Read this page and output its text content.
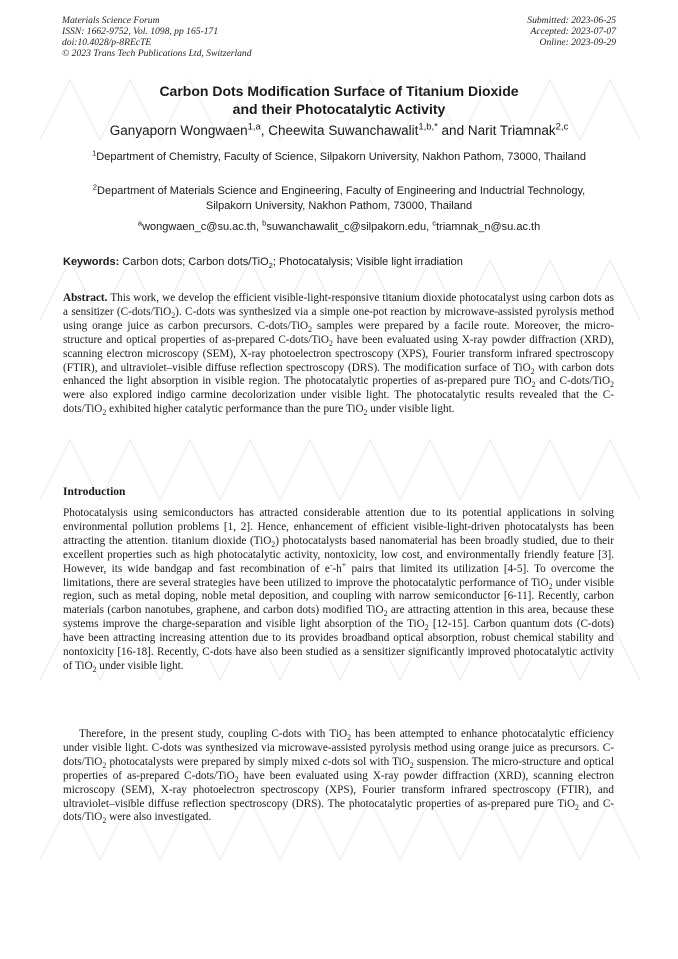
Materials Science Forum
ISSN: 1662-9752, Vol. 1098, pp 165-171
doi:10.4028/p-8REcTE
© 2023 Trans Tech Publications Ltd, Switzerland
Submitted: 2023-06-25
Accepted: 2023-07-07
Online: 2023-09-29
Carbon Dots Modification Surface of Titanium Dioxide
and their Photocatalytic Activity
Ganyaporn Wongwaen$^{1,a}$, Cheewita Suwanchawalit$^{1,b,*}$ and Narit Triamnak$^{2,c}$
$^1$Department of Chemistry, Faculty of Science, Silpakorn University, Nakhon Pathom, 73000, Thailand
$^2$Department of Materials Science and Engineering, Faculty of Engineering and Inductrial Technology, Silpakorn University, Nakhon Pathom, 73000, Thailand
$^a$wongwaen_c@su.ac.th, $^b$suwanchawalit_c@silpakorn.edu, $^c$triamnak_n@su.ac.th
Keywords: Carbon dots; Carbon dots/TiO$_2$; Photocatalysis; Visible light irradiation

Abstract. This work, we develop the efficient visible-light-responsive titanium dioxide photocatalyst using carbon dots as a sensitizer (C-dots/TiO$_2$). C-dots was synthesized via a simple one-pot reaction by microwave-assisted pyrolysis method using orange juice as carbon precursors. C-dots/TiO$_2$ samples were prepared by a facile route. Moreover, the micro-structure and optical properties of as-prepared C-dots/TiO$_2$ have been evaluated using X-ray powder diffraction (XRD), scanning electron microscopy (SEM), X-ray photoelectron spectroscopy (XPS), Fourier transform infrared spectroscopy (FTIR), and ultraviolet–visible diffuse reflection spectroscopy (DRS). The modification surface of TiO$_2$ with carbon dots enhanced the light absorption in visible region. The photocatalytic properties of as-prepared pure TiO$_2$ and C-dots/TiO$_2$ were also explored indigo carmine decolorization under visible light. The photocatalytic results revealed that the C-dots/TiO$_2$ exhibited higher catalytic performance than the pure TiO$_2$ under visible light.

Introduction

Photocatalysis using semiconductors has attracted considerable attention due to its potential applications in solving environmental pollution problems [1, 2]. Hence, enhancement of efficient visible-light-driven photocatalysts has been attracting the attention. titanium dioxide (TiO$_2$) photocatalysts based nanomaterial has been broadly studied, due to their excellent properties such as high photocatalytic activity, nontoxicity, low cost, and environmentally friendly feature [3]. However, its wide bandgap and fast recombination of e--h+ pairs that limited its utilization [4-5]. To overcome the limitations, there are several strategies have been utilized to improve the photocatalytic performance of TiO$_2$ under visible region, such as metal doping, noble metal deposition, and coupling with narrow semiconductor [6-11]. Recently, carbon materials (carbon nanotubes, graphene, and carbon dots) modified TiO$_2$ are attracting attention in this area, because these systems improve the charge-separation and visible light absorption of the TiO$_2$ [12-15]. Carbon quantum dots (C-dots) have been attracting increasing attention due to its provides broadband optical absorption, robust chemical stability and nontoxicity [16-18]. Recently, C-dots have also been studied as a sensitizer significantly improved photocatalytic activity of TiO$_2$ under visible light.

Therefore, in the present study, coupling C-dots with TiO$_2$ has been attempted to enhance photocatalytic efficiency under visible light. C-dots was synthesized via microwave-assisted pyrolysis method using orange juice as precursors. C-dots/TiO$_2$ photocatalysts were prepared by simply mixed c-dots sol with TiO$_2$ suspension. The micro-structure and optical properties of as-prepared C-dots/TiO$_2$ have been evaluated using X-ray powder diffraction (XRD), scanning electron microscopy (SEM), X-ray photoelectron spectroscopy (XPS), Fourier transform infrared spectroscopy (FTIR), and ultraviolet–visible diffuse reflection spectroscopy (DRS). The photocatalytic properties of as-prepared pure TiO$_2$ and C-dots/TiO$_2$ were also investigated.
